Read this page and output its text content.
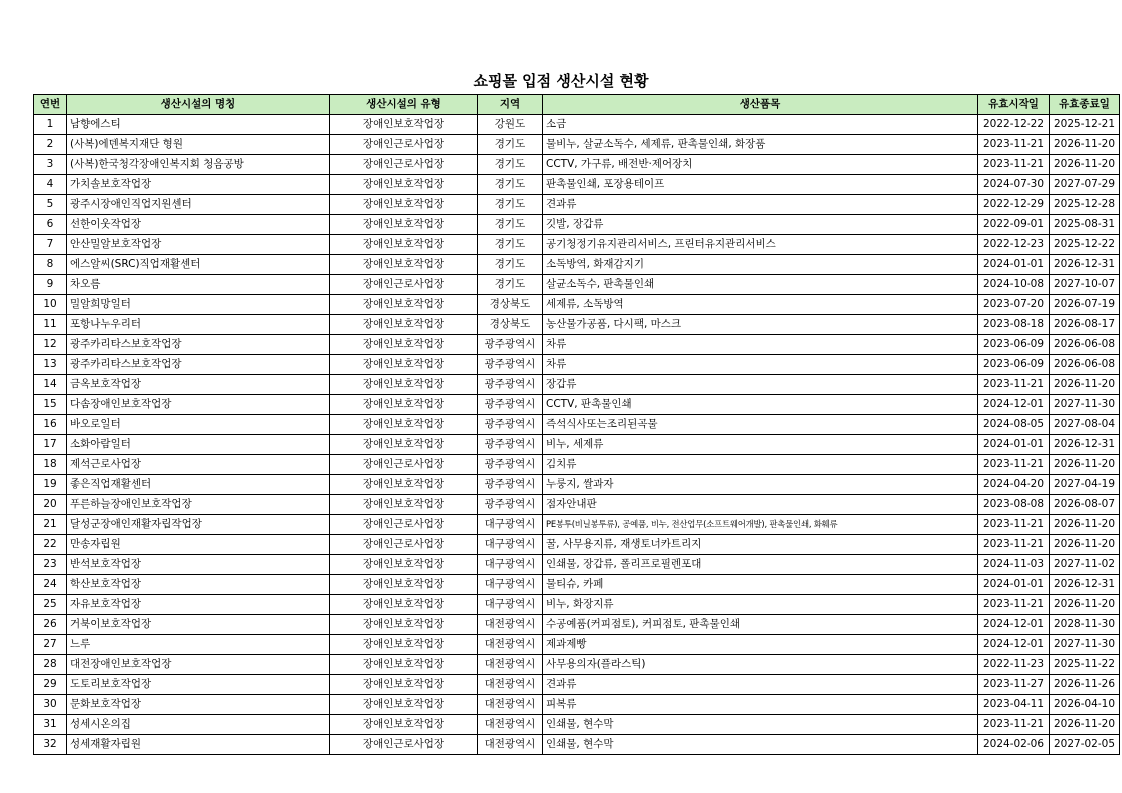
쇼핑몰 입점 생산시설 현황
연번	생산시설의 명칭	생산시설의 유형	지역	생산품목	유효시작일	유효종료일
1	남향에스티	장애인보호작업장	강원도	소금	2022-12-22	2025-12-21
2	(사복)에덴복지재단 형원	장애인근로사업장	경기도	물비누, 살균소독수, 세제류, 판촉물인쇄, 화장품	2023-11-21	2026-11-20
3	(사복)한국청각장애인복지회 청음공방	장애인근로사업장	경기도	CCTV, 가구류, 배전반·제어장치	2023-11-21	2026-11-20
4	가치솔보호작업장	장애인보호작업장	경기도	판촉물인쇄, 포장용테이프	2024-07-30	2027-07-29
5	광주시장애인직업지원센터	장애인보호작업장	경기도	견과류	2022-12-29	2025-12-28
6	선한이웃작업장	장애인보호작업장	경기도	깃발, 장갑류	2022-09-01	2025-08-31
7	안산밀알보호작업장	장애인보호작업장	경기도	공기청정기유지관리서비스, 프린터유지관리서비스	2022-12-23	2025-12-22
8	에스알씨(SRC)직업재활센터	장애인보호작업장	경기도	소독방역, 화재감지기	2024-01-01	2026-12-31
9	차오름	장애인근로사업장	경기도	살균소독수, 판촉물인쇄	2024-10-08	2027-10-07
10	밀알희망일터	장애인보호작업장	경상북도	세제류, 소독방역	2023-07-20	2026-07-19
11	포항나누우리터	장애인보호작업장	경상북도	농산물가공품, 다시팩, 마스크	2023-08-18	2026-08-17
12	광주카리타스보호작업장	장애인보호작업장	광주광역시	차류	2023-06-09	2026-06-08
13	광주카리타스보호작업장	장애인보호작업장	광주광역시	차류	2023-06-09	2026-06-08
14	금옥보호작업장	장애인보호작업장	광주광역시	장갑류	2023-11-21	2026-11-20
15	다솜장애인보호작업장	장애인보호작업장	광주광역시	CCTV, 판촉물인쇄	2024-12-01	2027-11-30
16	바오로일터	장애인보호작업장	광주광역시	즉석식사또는조리된곡물	2024-08-05	2027-08-04
17	소화아람일터	장애인보호작업장	광주광역시	비누, 세제류	2024-01-01	2026-12-31
18	제석근로사업장	장애인근로사업장	광주광역시	김치류	2023-11-21	2026-11-20
19	좋은직업재활센터	장애인보호작업장	광주광역시	누룽지, 쌀과자	2024-04-20	2027-04-19
20	푸른하늘장애인보호작업장	장애인보호작업장	광주광역시	점자안내판	2023-08-08	2026-08-07
21	달성군장애인재활자립작업장	장애인근로사업장	대구광역시	PE봉투(비닐봉투류), 공예품, 비누, 전산업무(소프트웨어개발), 판촉물인쇄, 화훼류	2023-11-21	2026-11-20
22	만송자립원	장애인근로사업장	대구광역시	꿀, 사무용지류, 재생토너카트리지	2023-11-21	2026-11-20
23	반석보호작업장	장애인보호작업장	대구광역시	인쇄물, 장갑류, 폴리프로필렌포대	2024-11-03	2027-11-02
24	학산보호작업장	장애인보호작업장	대구광역시	물티슈, 카페	2024-01-01	2026-12-31
25	자유보호작업장	장애인보호작업장	대구광역시	비누, 화장지류	2023-11-21	2026-11-20
26	거북이보호작업장	장애인보호작업장	대전광역시	수공예품(커피점토), 커피점토, 판촉물인쇄	2024-12-01	2028-11-30
27	느루	장애인보호작업장	대전광역시	제과제빵	2024-12-01	2027-11-30
28	대전장애인보호작업장	장애인보호작업장	대전광역시	사무용의자(플라스틱)	2022-11-23	2025-11-22
29	도토리보호작업장	장애인보호작업장	대전광역시	견과류	2023-11-27	2026-11-26
30	문화보호작업장	장애인보호작업장	대전광역시	피복류	2023-04-11	2026-04-10
31	성세시온의집	장애인보호작업장	대전광역시	인쇄물, 현수막	2023-11-21	2026-11-20
32	성세재활자립원	장애인근로사업장	대전광역시	인쇄물, 현수막	2024-02-06	2027-02-05
